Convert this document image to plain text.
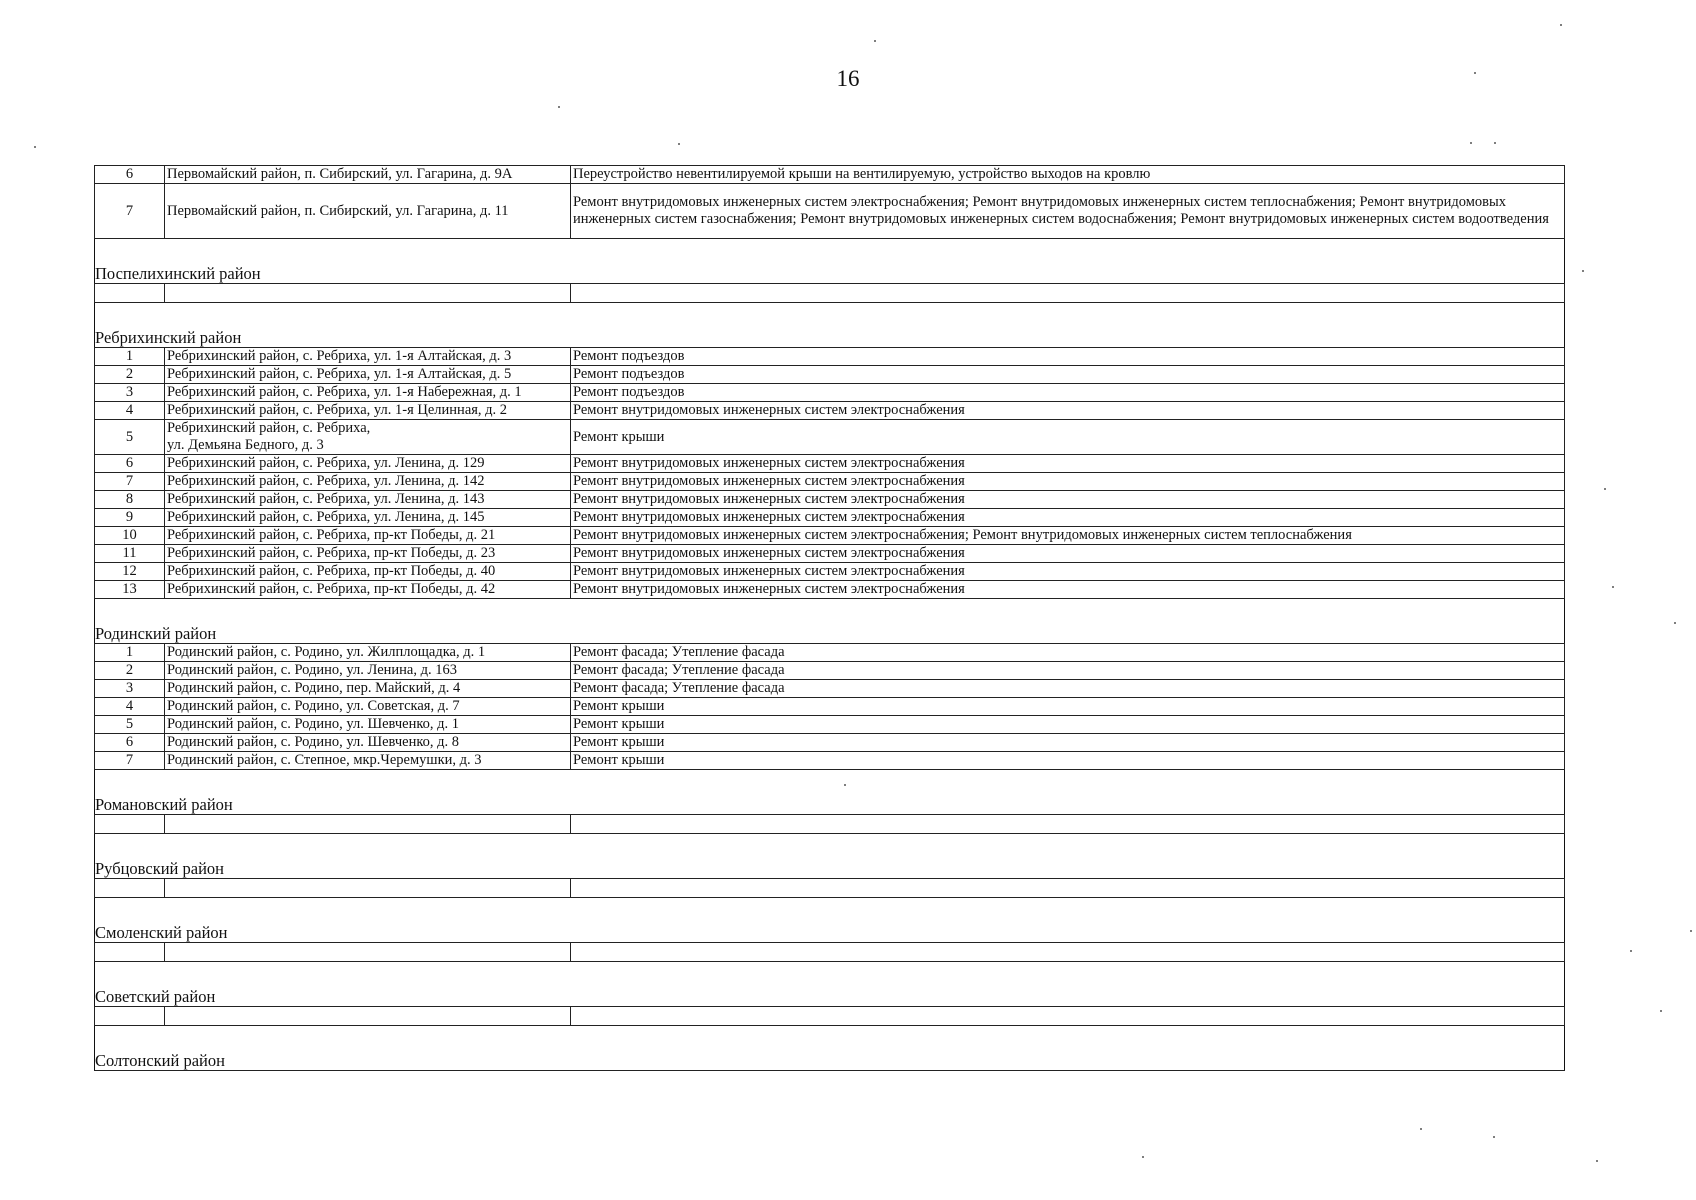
16
6	Первомайский район, п. Сибирский, ул. Гагарина, д. 9А	Переустройство невентилируемой крыши на вентилируемую, устройство выходов на кровлю
7	Первомайский район, п. Сибирский, ул. Гагарина, д. 11	Ремонт внутридомовых инженерных систем электроснабжения; Ремонт внутридомовых инженерных систем теплоснабжения; Ремонт внутридомовых инженерных систем газоснабжения; Ремонт внутридомовых инженерных систем водоснабжения; Ремонт внутридомовых инженерных систем водоотведения
Поспелихинский район		

Ребрихинский район		
1	Ребрихинский район, с. Ребриха, ул. 1-я Алтайская, д. 3	Ремонт подъездов
2	Ребрихинский район, с. Ребриха, ул. 1-я Алтайская, д. 5	Ремонт подъездов
3	Ребрихинский район, с. Ребриха, ул. 1-я Набережная, д. 1	Ремонт подъездов
4	Ребрихинский район, с. Ребриха, ул. 1-я Целинная, д. 2	Ремонт внутридомовых инженерных систем электроснабжения
5	Ребрихинский район, с. Ребриха,
ул. Демьяна Бедного, д. 3	Ремонт крыши
6	Ребрихинский район, с. Ребриха, ул. Ленина, д. 129	Ремонт внутридомовых инженерных систем электроснабжения
7	Ребрихинский район, с. Ребриха, ул. Ленина, д. 142	Ремонт внутридомовых инженерных систем электроснабжения
8	Ребрихинский район, с. Ребриха, ул. Ленина, д. 143	Ремонт внутридомовых инженерных систем электроснабжения
9	Ребрихинский район, с. Ребриха, ул. Ленина, д. 145	Ремонт внутридомовых инженерных систем электроснабжения
10	Ребрихинский район, с. Ребриха, пр-кт Победы, д. 21	Ремонт внутридомовых инженерных систем электроснабжения; Ремонт внутридомовых инженерных систем теплоснабжения
11	Ребрихинский район, с. Ребриха, пр-кт Победы, д. 23	Ремонт внутридомовых инженерных систем электроснабжения
12	Ребрихинский район, с. Ребриха, пр-кт Победы, д. 40	Ремонт внутридомовых инженерных систем электроснабжения
13	Ребрихинский район, с. Ребриха, пр-кт Победы, д. 42	Ремонт внутридомовых инженерных систем электроснабжения
Родинский район		
1	Родинский район, с. Родино, ул. Жилплощадка, д. 1	Ремонт фасада; Утепление фасада
2	Родинский район, с. Родино, ул. Ленина, д. 163	Ремонт фасада; Утепление фасада
3	Родинский район, с. Родино, пер. Майский, д. 4	Ремонт фасада; Утепление фасада
4	Родинский район, с. Родино, ул. Советская, д. 7	Ремонт крыши
5	Родинский район, с. Родино, ул. Шевченко, д. 1	Ремонт крыши
6	Родинский район, с. Родино, ул. Шевченко, д. 8	Ремонт крыши
7	Родинский район, с. Степное, мкр.Черемушки, д. 3	Ремонт крыши
Романовский район		

Рубцовский район		

Смоленский район		

Советский район		

Солтонский район		
